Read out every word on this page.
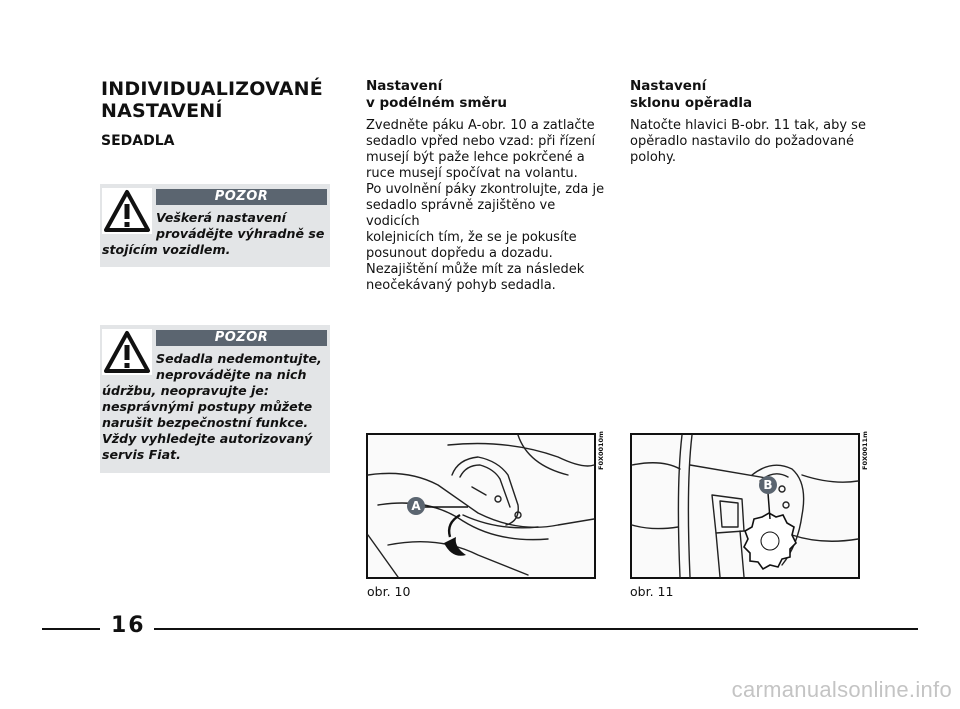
INDIVIDUALIZOVANÉ
NASTAVENÍ
SEDADLA
POZOR
Veškerá nastavení provádějte výhradně se stojícím vozidlem.
POZOR
Sedadla nedemontujte, neprovádějte na nich údržbu, neopravujte je: nesprávnými postupy můžete narušit bezpečnostní funkce. Vždy vyhledejte autorizovaný servis Fiat.
Nastavení
v podélném směru
Zvedněte páku A-obr. 10 a zatlačte
sedadlo vpřed nebo vzad: při řízení
musejí být paže lehce pokrčené a
ruce musejí spočívat na volantu.
Po uvolnění páky zkontrolujte, zda je
sedadlo správně zajištěno ve vodicích
kolejnicích tím, že se je pokusíte
posunout dopředu a dozadu.
Nezajištění může mít za následek
neočekávaný pohyb sedadla.
A
F0X0010m
obr. 10
Nastavení
sklonu opěradla
Natočte hlavici B-obr. 11 tak, aby se
opěradlo nastavilo do požadované
polohy.
B
F0X0011m
obr. 11
16
carmanualsonline.info
